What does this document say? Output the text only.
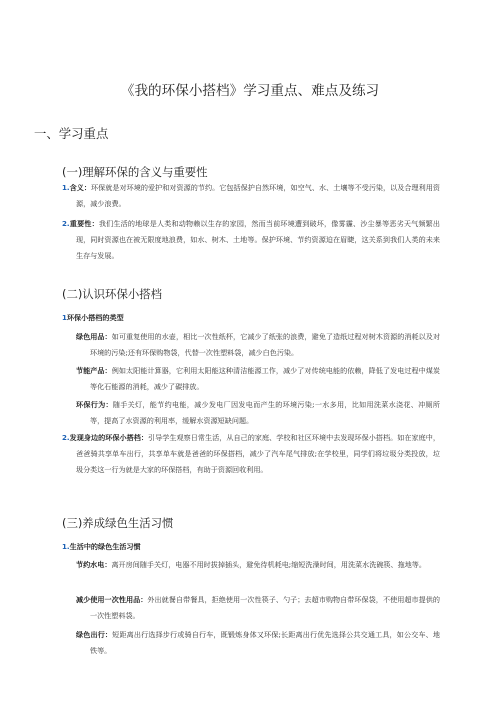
《我的环保小搭档》学习重点、难点及练习
一、学习重点
(一)理解环保的含义与重要性
1.含义：环保就是对环境的爱护和对资源的节约。它包括保护自然环境，如空气、水、土壤等不受污染，以及合理利用资源，减少浪费。
2.重要性：我们生活的地球是人类和动物赖以生存的家园，然而当前环境遭到破坏，像雾霾、沙尘暴等恶劣天气频繁出现，同时资源也在被无限度地浪费，如水、树木、土地等。保护环境、节约资源迫在眉睫，这关系到我们人类的未来生存与发展。
(二)认识环保小搭档
1环保小搭档的类型
绿色用品：如可重复使用的水壶，相比一次性纸杯，它减少了纸张的浪费，避免了造纸过程对树木资源的消耗以及对环境的污染;还有环保购物袋，代替一次性塑料袋，减少白色污染。
节能产品：例如太阳能计算器，它利用太阳能这种清洁能源工作，减少了对传统电能的依赖，降低了发电过程中煤炭等化石能源的消耗，减少了碳排放。
环保行为：随手关灯，能节约电能，减少发电厂因发电而产生的环境污染;一水多用，比如用洗菜水浇花、冲厕所等，提高了水资源的利用率，缓解水资源短缺问题。
2.发现身边的环保小搭档：引导学生观察日常生活，从自己的家庭、学校和社区环境中去发现环保小搭档。如在家庭中，爸爸骑共享单车出行，共享单车就是爸爸的环保搭档，减少了汽车尾气排放;在学校里，同学们将垃圾分类投放，垃圾分类这一行为就是大家的环保搭档，有助于资源回收利用。
(三)养成绿色生活习惯
1.生活中的绿色生活习惯
节约水电：离开房间随手关灯，电器不用时拔掉插头，避免待机耗电;缩短洗澡时间，用洗菜水洗碗筷、拖地等。
减少使用一次性用品：外出就餐自带餐具，拒绝使用一次性筷子、勺子；去超市购物自带环保袋，不使用超市提供的一次性塑料袋。
绿色出行：短距离出行选择步行或骑自行车，既锻炼身体又环保;长距离出行优先选择公共交通工具，如公交车、地铁等。
